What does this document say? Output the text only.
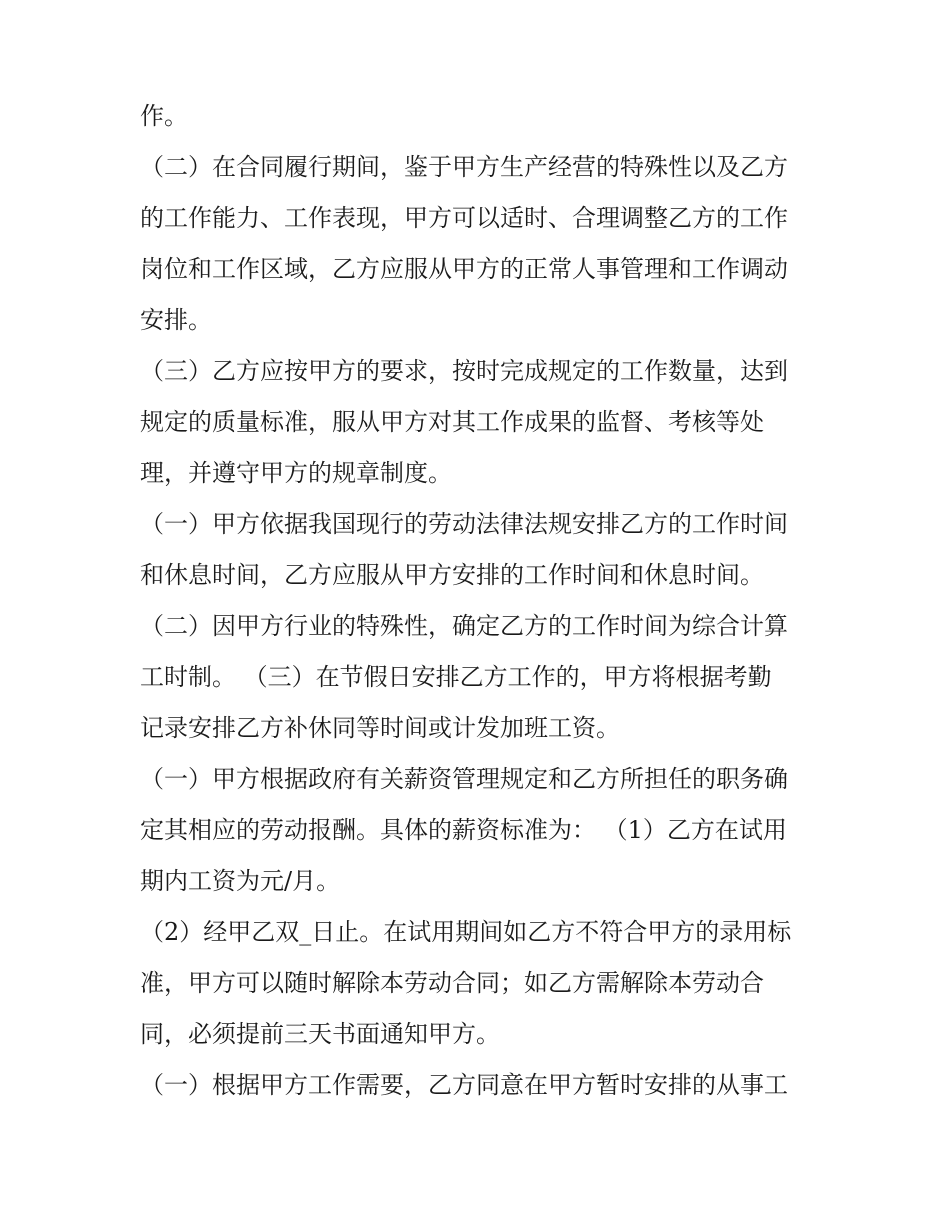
作。
（二）在合同履行期间，鉴于甲方生产经营的特殊性以及乙方
的工作能力、工作表现，甲方可以适时、合理调整乙方的工作
岗位和工作区域，乙方应服从甲方的正常人事管理和工作调动
安排。
（三）乙方应按甲方的要求，按时完成规定的工作数量，达到
规定的质量标准，服从甲方对其工作成果的监督、考核等处
理，并遵守甲方的规章制度。
（一）甲方依据我国现行的劳动法律法规安排乙方的工作时间
和休息时间，乙方应服从甲方安排的工作时间和休息时间。
（二）因甲方行业的特殊性，确定乙方的工作时间为综合计算
工时制。 （三）在节假日安排乙方工作的，甲方将根据考勤
记录安排乙方补休同等时间或计发加班工资。
（一）甲方根据政府有关薪资管理规定和乙方所担任的职务确
定其相应的劳动报酬。具体的薪资标准为： （1）乙方在试用
期内工资为元/月。
（2）经甲乙双_日止。在试用期间如乙方不符合甲方的录用标
准，甲方可以随时解除本劳动合同；如乙方需解除本劳动合
同，必须提前三天书面通知甲方。
（一）根据甲方工作需要，乙方同意在甲方暂时安排的从事工
